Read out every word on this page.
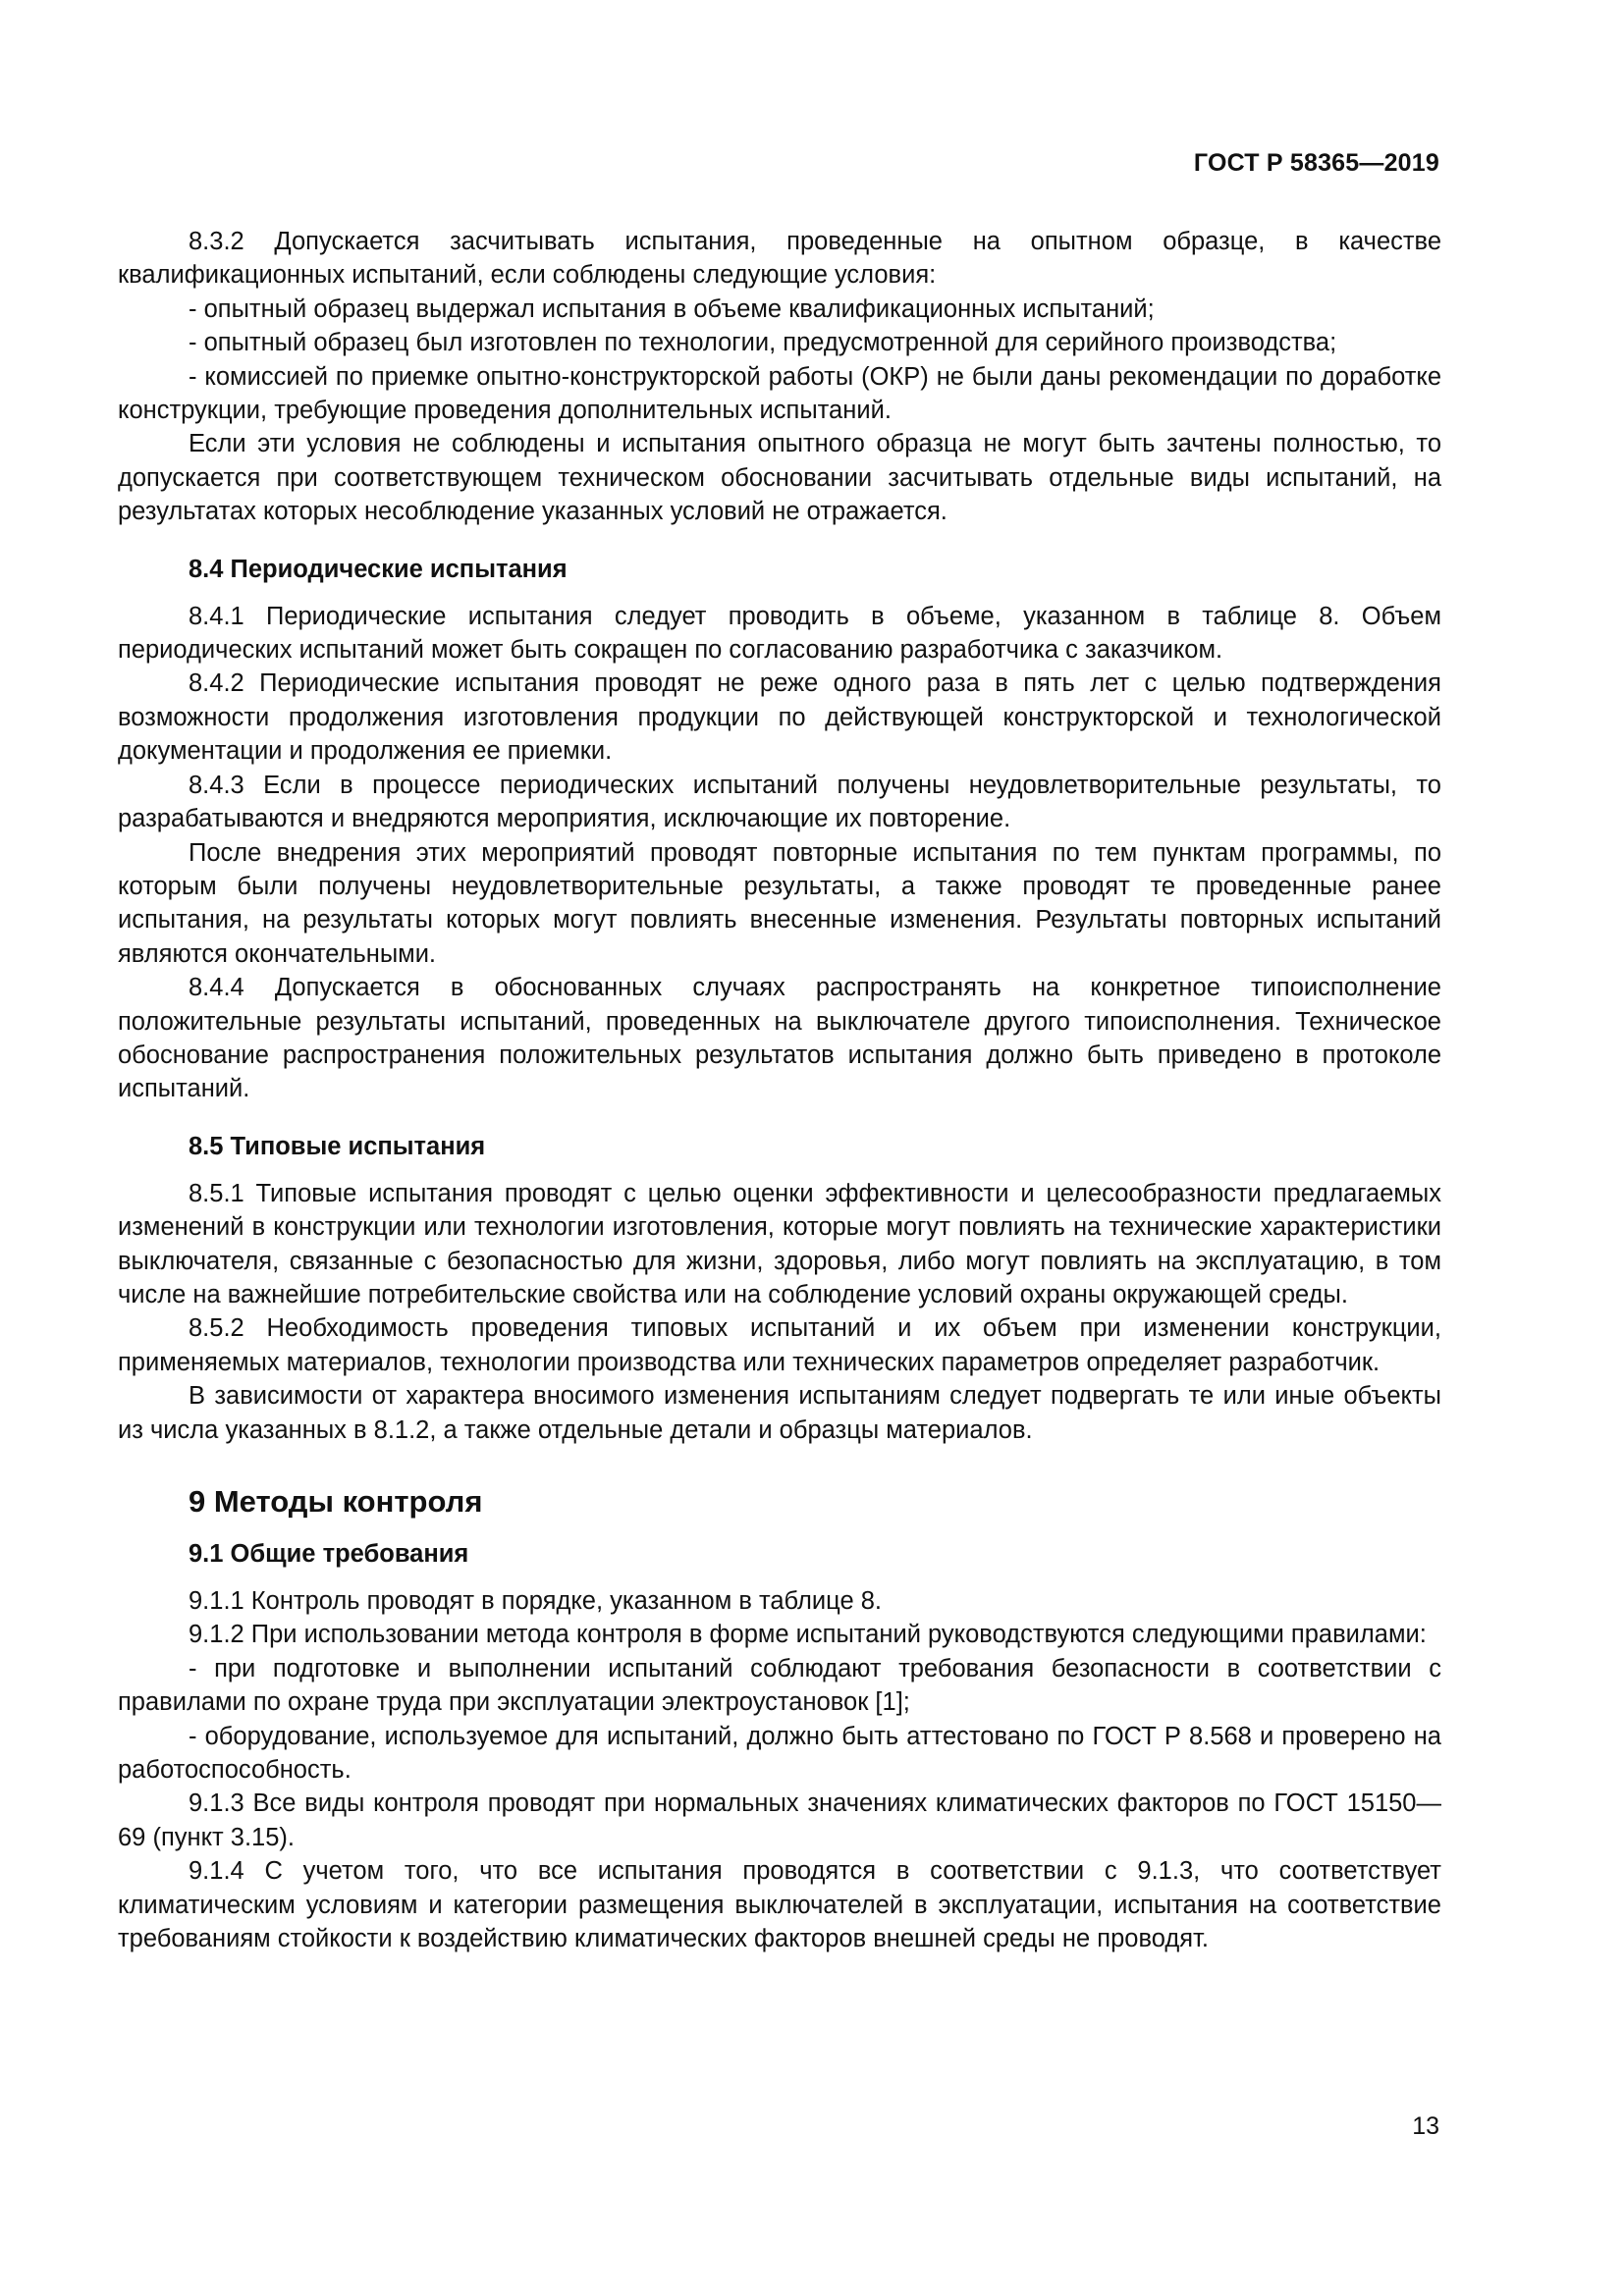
ГОСТ Р 58365—2019

8.3.2 Допускается засчитывать испытания, проведенные на опытном образце, в качестве квалификационных испытаний, если соблюдены следующие условия:

- опытный образец выдержал испытания в объеме квалификационных испытаний;

- опытный образец был изготовлен по технологии, предусмотренной для серийного производства;

- комиссией по приемке опытно-конструкторской работы (ОКР) не были даны рекомендации по доработке конструкции, требующие проведения дополнительных испытаний.

Если эти условия не соблюдены и испытания опытного образца не могут быть зачтены полностью, то допускается при соответствующем техническом обосновании засчитывать отдельные виды испытаний, на результатах которых несоблюдение указанных условий не отражается.

8.4 Периодические испытания

8.4.1 Периодические испытания следует проводить в объеме, указанном в таблице 8. Объем периодических испытаний может быть сокращен по согласованию разработчика с заказчиком.

8.4.2 Периодические испытания проводят не реже одного раза в пять лет с целью подтверждения возможности продолжения изготовления продукции по действующей конструкторской и технологической документации и продолжения ее приемки.

8.4.3 Если в процессе периодических испытаний получены неудовлетворительные результаты, то разрабатываются и внедряются мероприятия, исключающие их повторение.

После внедрения этих мероприятий проводят повторные испытания по тем пунктам программы, по которым были получены неудовлетворительные результаты, а также проводят те проведенные ранее испытания, на результаты которых могут повлиять внесенные изменения. Результаты повторных испытаний являются окончательными.

8.4.4 Допускается в обоснованных случаях распространять на конкретное типоисполнение положительные результаты испытаний, проведенных на выключателе другого типоисполнения. Техническое обоснование распространения положительных результатов испытания должно быть приведено в протоколе испытаний.

8.5 Типовые испытания

8.5.1 Типовые испытания проводят с целью оценки эффективности и целесообразности предлагаемых изменений в конструкции или технологии изготовления, которые могут повлиять на технические характеристики выключателя, связанные с безопасностью для жизни, здоровья, либо могут повлиять на эксплуатацию, в том числе на важнейшие потребительские свойства или на соблюдение условий охраны окружающей среды.

8.5.2 Необходимость проведения типовых испытаний и их объем при изменении конструкции, применяемых материалов, технологии производства или технических параметров определяет разработчик.

В зависимости от характера вносимого изменения испытаниям следует подвергать те или иные объекты из числа указанных в 8.1.2, а также отдельные детали и образцы материалов.

9 Методы контроля
9.1 Общие требования

9.1.1 Контроль проводят в порядке, указанном в таблице 8.

9.1.2 При использовании метода контроля в форме испытаний руководствуются следующими правилами:

- при подготовке и выполнении испытаний соблюдают требования безопасности в соответствии с правилами по охране труда при эксплуатации электроустановок [1];

- оборудование, используемое для испытаний, должно быть аттестовано по ГОСТ Р 8.568 и проверено на работоспособность.

9.1.3 Все виды контроля проводят при нормальных значениях климатических факторов по ГОСТ 15150—69 (пункт 3.15).

9.1.4 С учетом того, что все испытания проводятся в соответствии с 9.1.3, что соответствует климатическим условиям и категории размещения выключателей в эксплуатации, испытания на соответствие требованиям стойкости к воздействию климатических факторов внешней среды не проводят.

13
